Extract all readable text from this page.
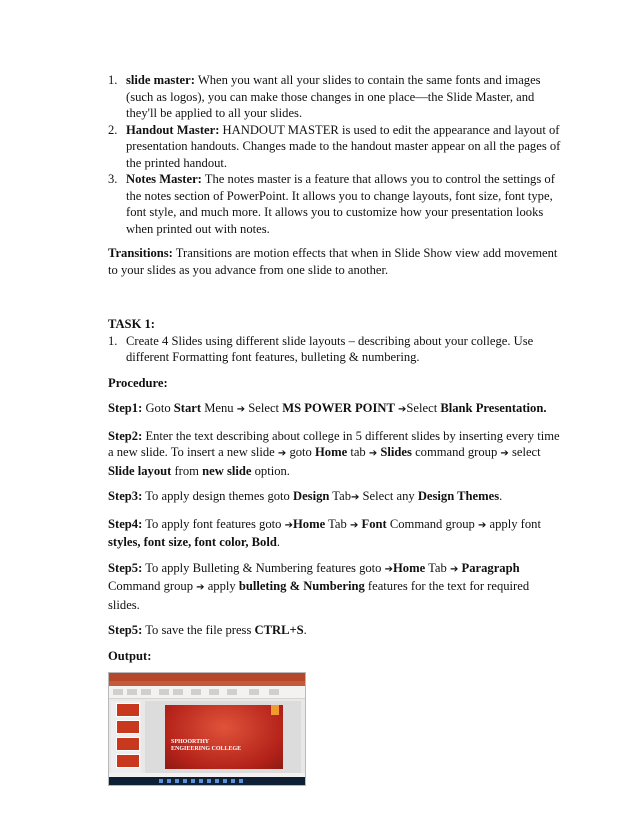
1. slide master: When you want all your slides to contain the same fonts and images (such as logos), you can make those changes in one place—the Slide Master, and they'll be applied to all your slides.
2. Handout Master: HANDOUT MASTER is used to edit the appearance and layout of presentation handouts. Changes made to the handout master appear on all the pages of the printed handout.
3. Notes Master: The notes master is a feature that allows you to control the settings of the notes section of PowerPoint. It allows you to change layouts, font size, font type, font style, and much more. It allows you to customize how your presentation looks when printed out with notes.

Transitions: Transitions are motion effects that when in Slide Show view add movement to your slides as you advance from one slide to another.

TASK 1:

1. Create 4 Slides using different slide layouts – describing about your college. Use different Formatting font features, bulleting & numbering.

Procedure:

Step1: Goto Start Menu ➔ Select MS POWER POINT ➔Select Blank Presentation.

Step2: Enter the text describing about college in 5 different slides by inserting every time a new slide. To insert a new slide ➔ goto Home tab ➔ Slides command group ➔ select Slide layout from new slide option.

Step3: To apply design themes goto Design Tab➔ Select any Design Themes.

Step4: To apply font features goto ➔Home Tab ➔ Font Command group ➔ apply font styles, font size, font color, Bold.

Step5: To apply Bulleting & Numbering features goto ➔Home Tab ➔ Paragraph Command group ➔ apply bulleting & Numbering features for the text for required slides.

Step5: To save the file press CTRL+S.

Output:

SPHOORTHY
ENGIEERING COLLEGE
